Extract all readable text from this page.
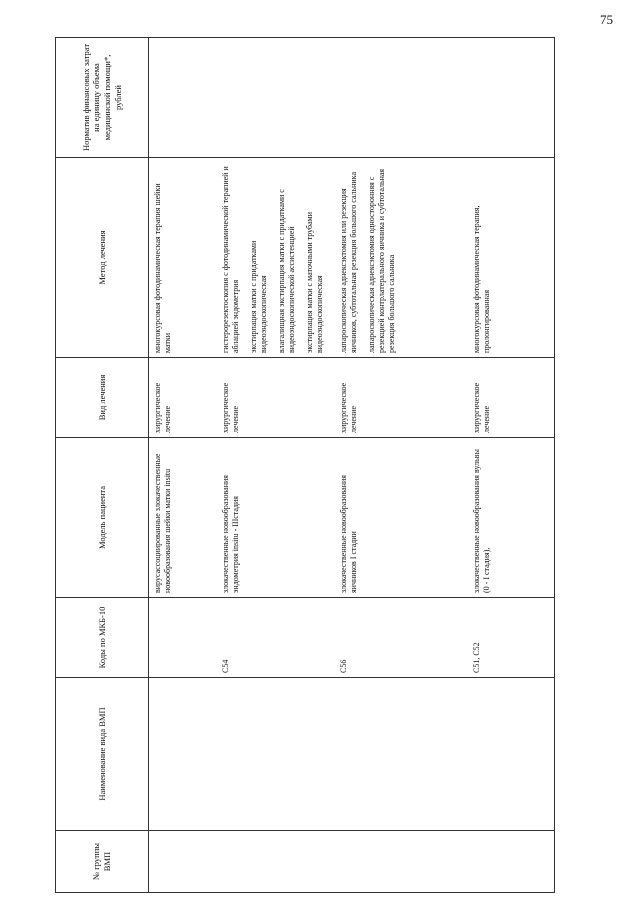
75
№ группы ВМП	Наименование вида ВМП	Коды по МКБ-10	Модель пациента	Вид лечения	Метод лечения	Норматив финансовых затрат на единицу объема медицинской помощи*, рублей
			вирусассоциированные злокачественные новообразования шейки матки insitu	хирургическое лечение	многокурсовая фотодинамическая терапия шейки матки	

		С54	злокачественные новообразования эндометрия insitu - IIIстадия	хирургическое лечение	гистерорезектоскопия с фотодинамической терапией и аблацией эндометрия экстирпация матки с придатками видеоэндоскопическая влагалищная экстирпация матки с придатками с видеоэндоскопической ассистенцией экстирпация матки с маточными трубами видеоэндоскопическая	

		С56	злокачественные новообразования яичников I стадии	хирургическое лечение	лапароскопическая аднексэктомия или резекция яичников, субтотальная резекция большого сальника лапароскопическая аднексэктомия односторонняя с резекцией контрлатерального яичника и субтотальная резекция большого сальника	

		С51, С52	злокачественные новообразования вульвы (0 - I стадия),	хирургическое лечение	многокурсовая фотодинамическая терапия, пролонгированная	
